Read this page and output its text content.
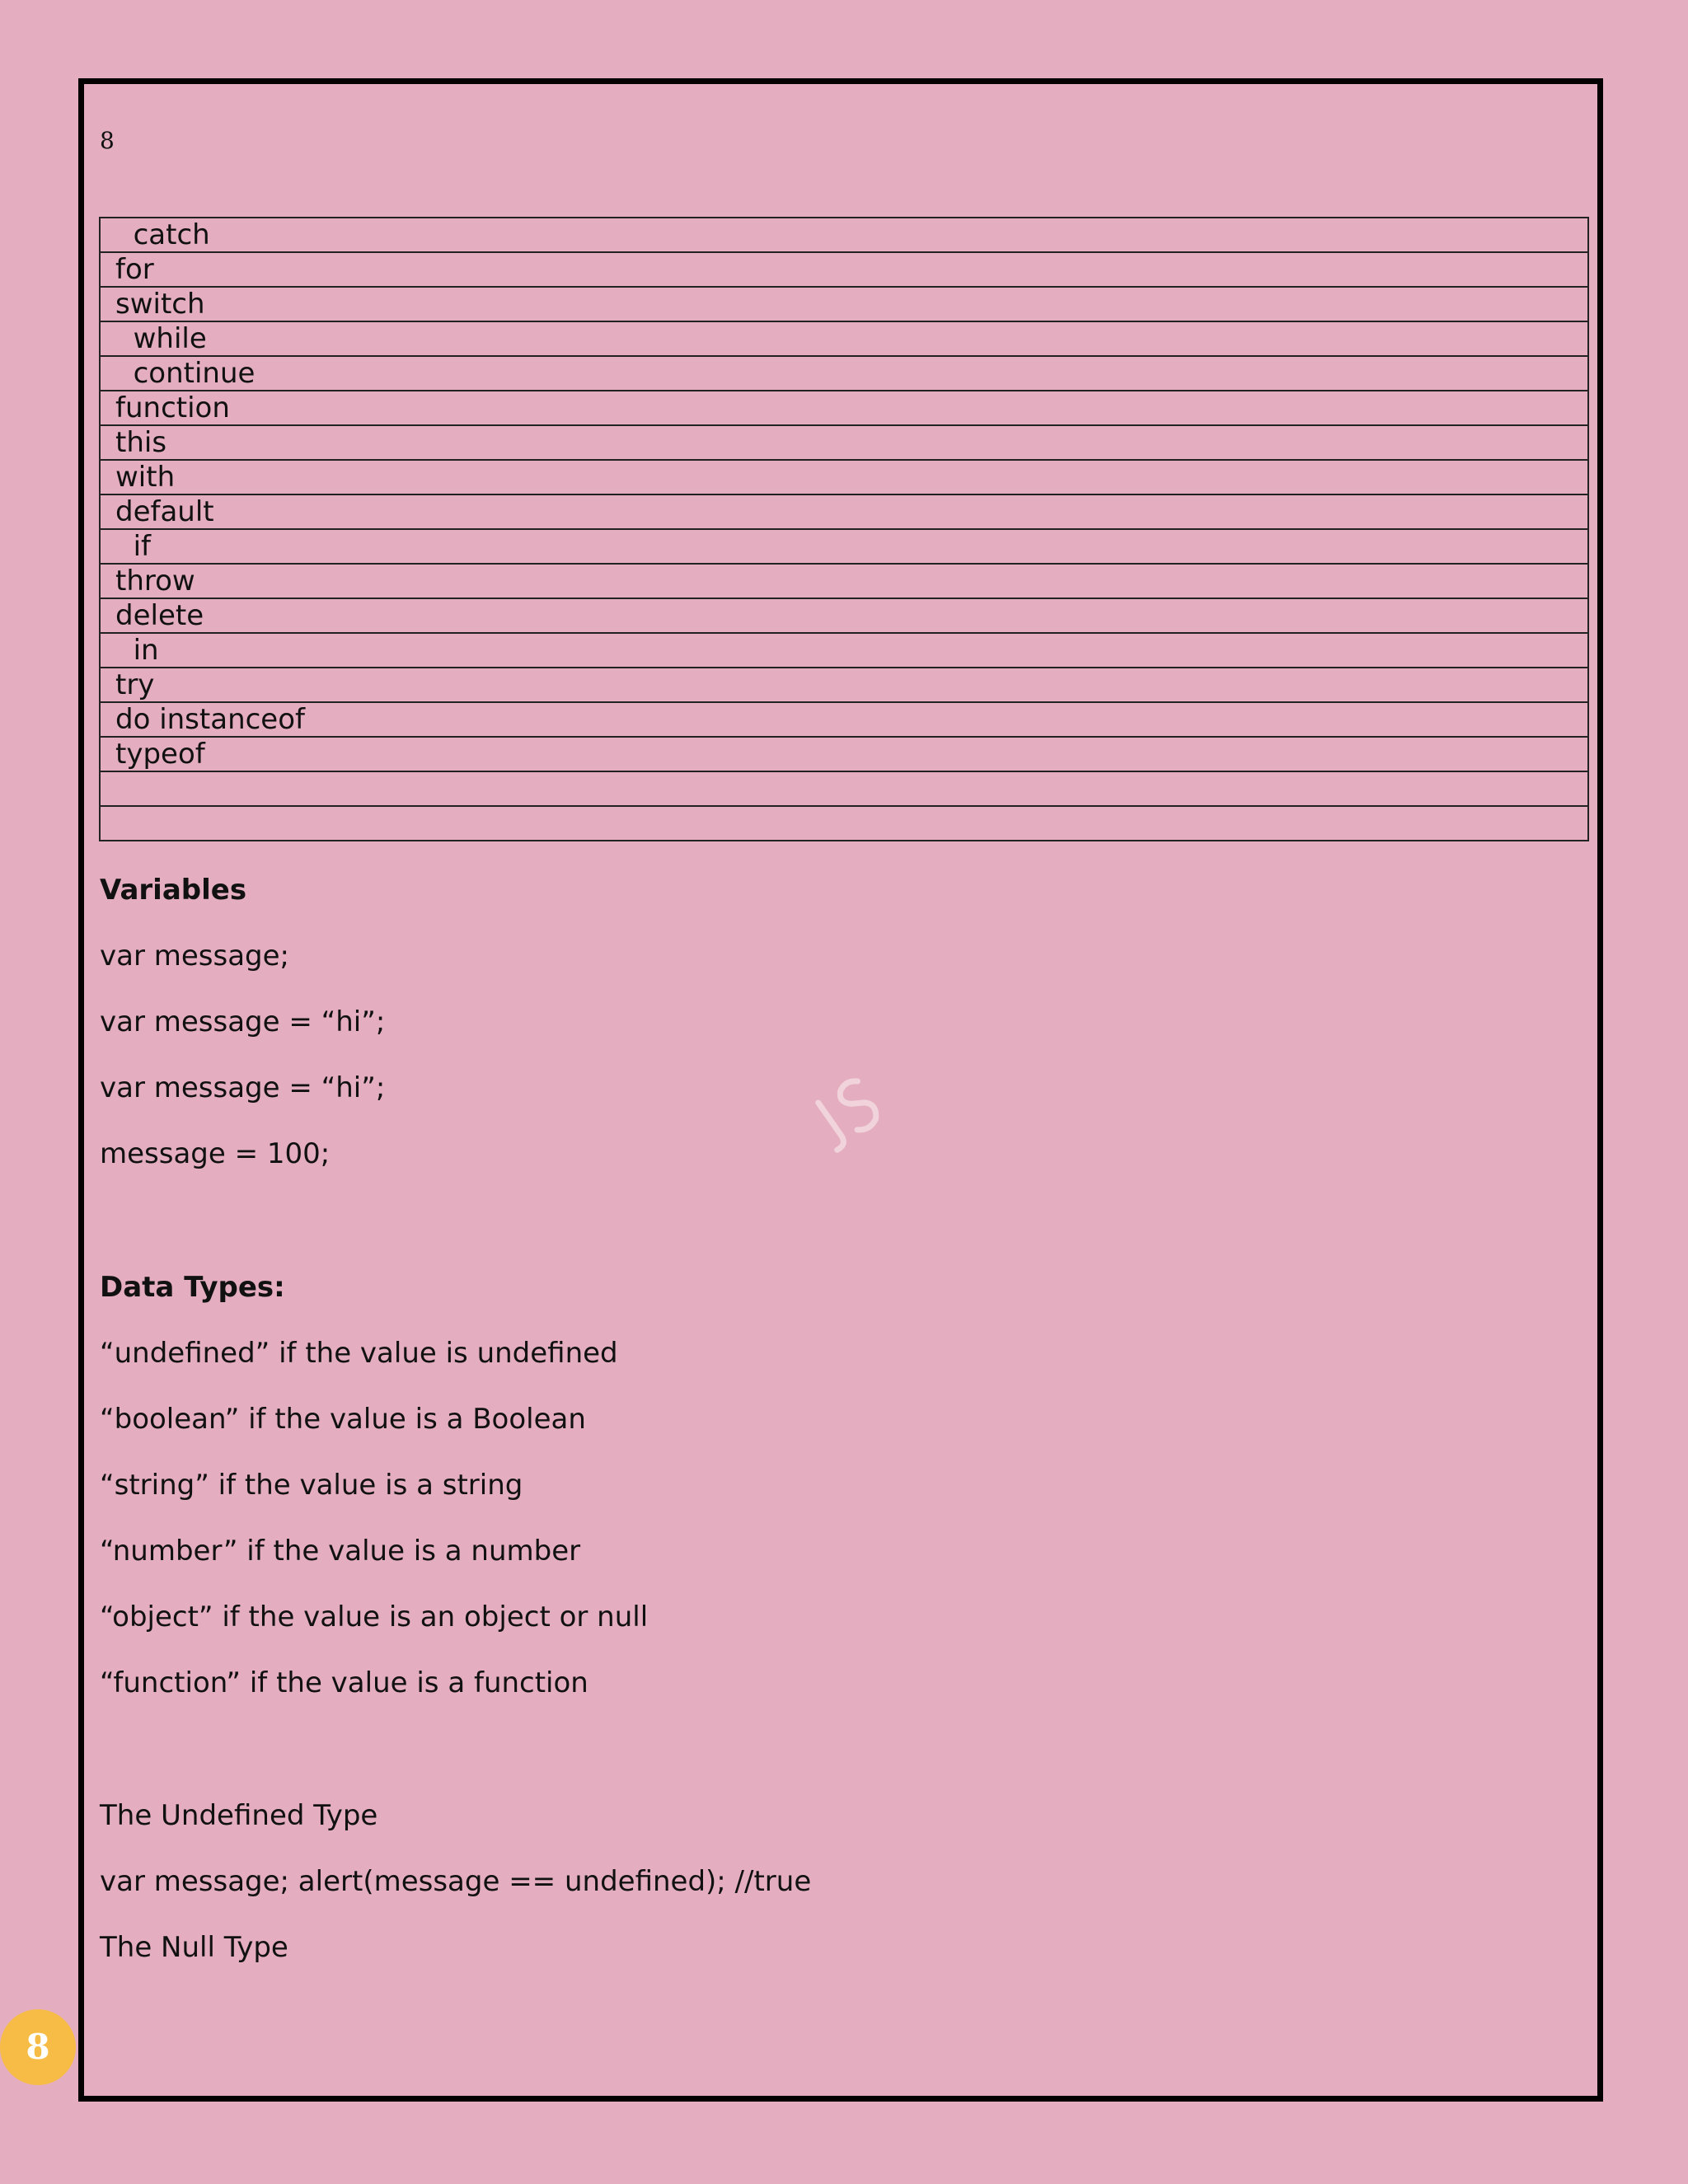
8
catch
for
switch
while
continue
function
this
with
default
if
throw
delete
in
try
do instanceof
typeof

Variables
var message;
var message = “hi”;
var message = “hi”;
message = 100;
Data Types:
“undefined” if the value is undefined
“boolean” if the value is a Boolean
“string” if the value is a string
“number” if the value is a number
“object” if the value is an object or null
“function” if the value is a function
The Undefined Type
var message; alert(message == undefined); //true
The Null Type
8
